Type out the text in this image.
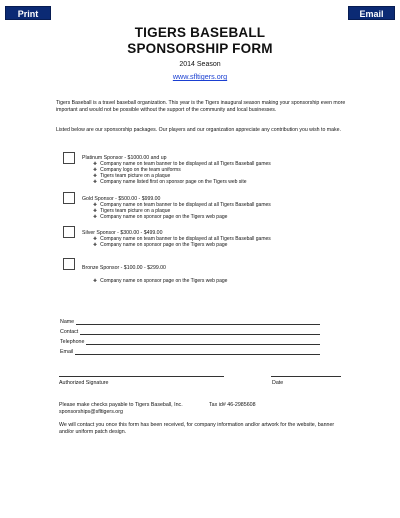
Print	Email
TIGERS BASEBALL
SPONSORSHIP FORM
2014 Season
www.sfltigers.org

Tigers Baseball is a travel baseball organization. This year is the Tigers inaugural season making your sponsorship even more important and would not be possible without the support of the community and local businesses.

Listed below are our sponsorship packages. Our players and our organization appreciate any contribution you wish to make.

Platinum Sponsor - $1000.00 and up
❖ Company name on team banner to be displayed at all Tigers Baseball games
❖ Company logo on the team uniforms
❖ Tigers team picture on a plaque
❖ Company name listed first on sponsor page on the Tigers web site
Gold Sponsor - $500.00 - $999.00
❖ Company name on team banner to be displayed at all Tigers Baseball games
❖ Tigers team picture on a plaque
❖ Company name on sponsor page on the Tigers web page
Silver Sponsor - $300.00 - $499.00
❖ Company name on team banner to be displayed at all Tigers Baseball games
❖ Company name on sponsor page on the Tigers web page
Bronze Sponsor - $100.00 - $299.00
❖ Company name on sponsor page on the Tigers web page
Name
Contact
Telephone
Email
Authorized Signature	Date
Please make checks payable to Tigers Baseball, Inc.	Tax id# 46-2985608
sponsorships@sfltigers.org

We will contact you once this form has been received, for company information and/or artwork for the website, banner and/or uniform patch design.
